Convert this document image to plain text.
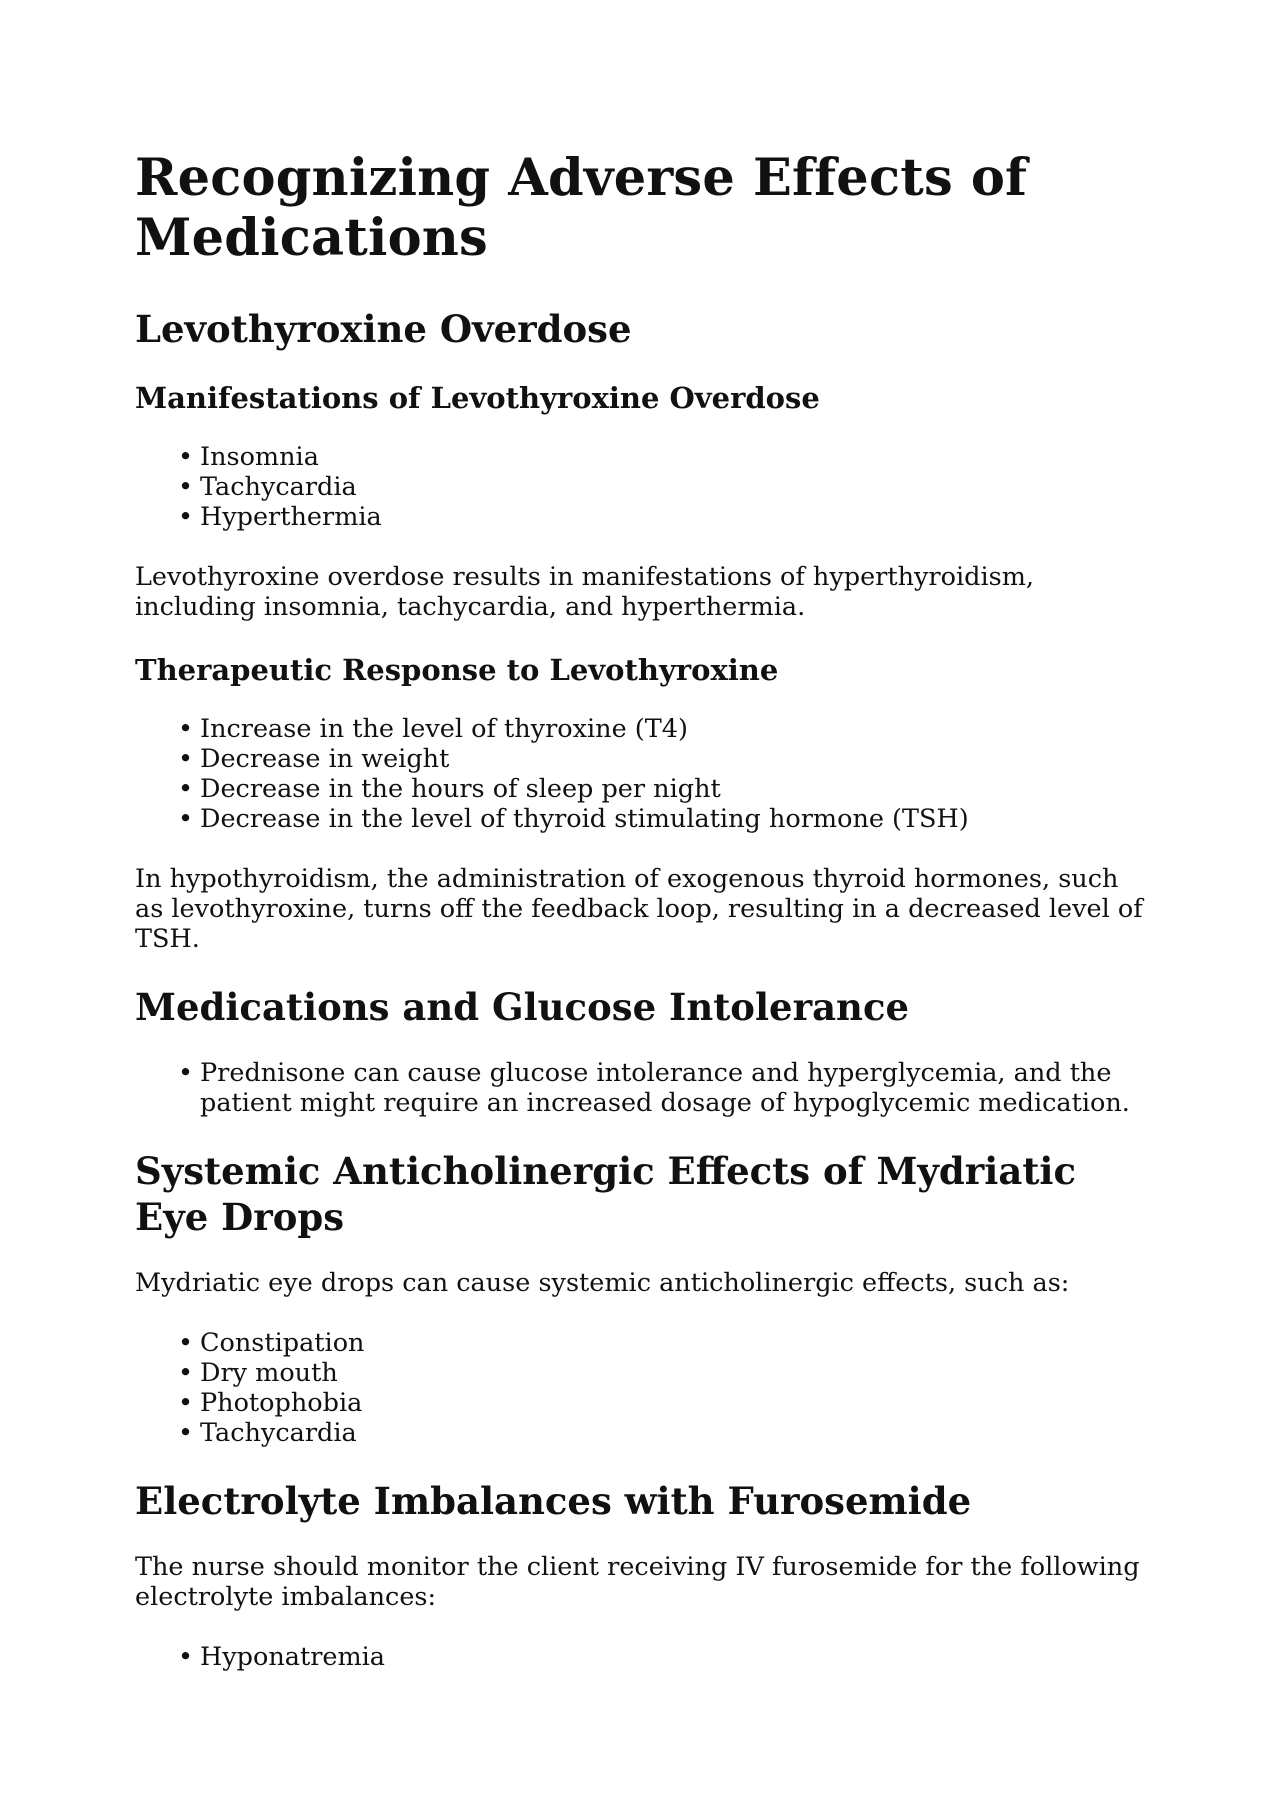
Recognizing Adverse Effects of Medications
Levothyroxine Overdose
Manifestations of Levothyroxine Overdose
• Insomnia
• Tachycardia
• Hyperthermia

Levothyroxine overdose results in manifestations of hyperthyroidism, including insomnia, tachycardia, and hyperthermia.

Therapeutic Response to Levothyroxine
• Increase in the level of thyroxine (T4)
• Decrease in weight
• Decrease in the hours of sleep per night
• Decrease in the level of thyroid stimulating hormone (TSH)

In hypothyroidism, the administration of exogenous thyroid hormones, such as levothyroxine, turns off the feedback loop, resulting in a decreased level of TSH.

Medications and Glucose Intolerance
• Prednisone can cause glucose intolerance and hyperglycemia, and the patient might require an increased dosage of hypoglycemic medication.
Systemic Anticholinergic Effects of Mydriatic Eye Drops

Mydriatic eye drops can cause systemic anticholinergic effects, such as:

• Constipation
• Dry mouth
• Photophobia
• Tachycardia
Electrolyte Imbalances with Furosemide

The nurse should monitor the client receiving IV furosemide for the following electrolyte imbalances:

• Hyponatremia
